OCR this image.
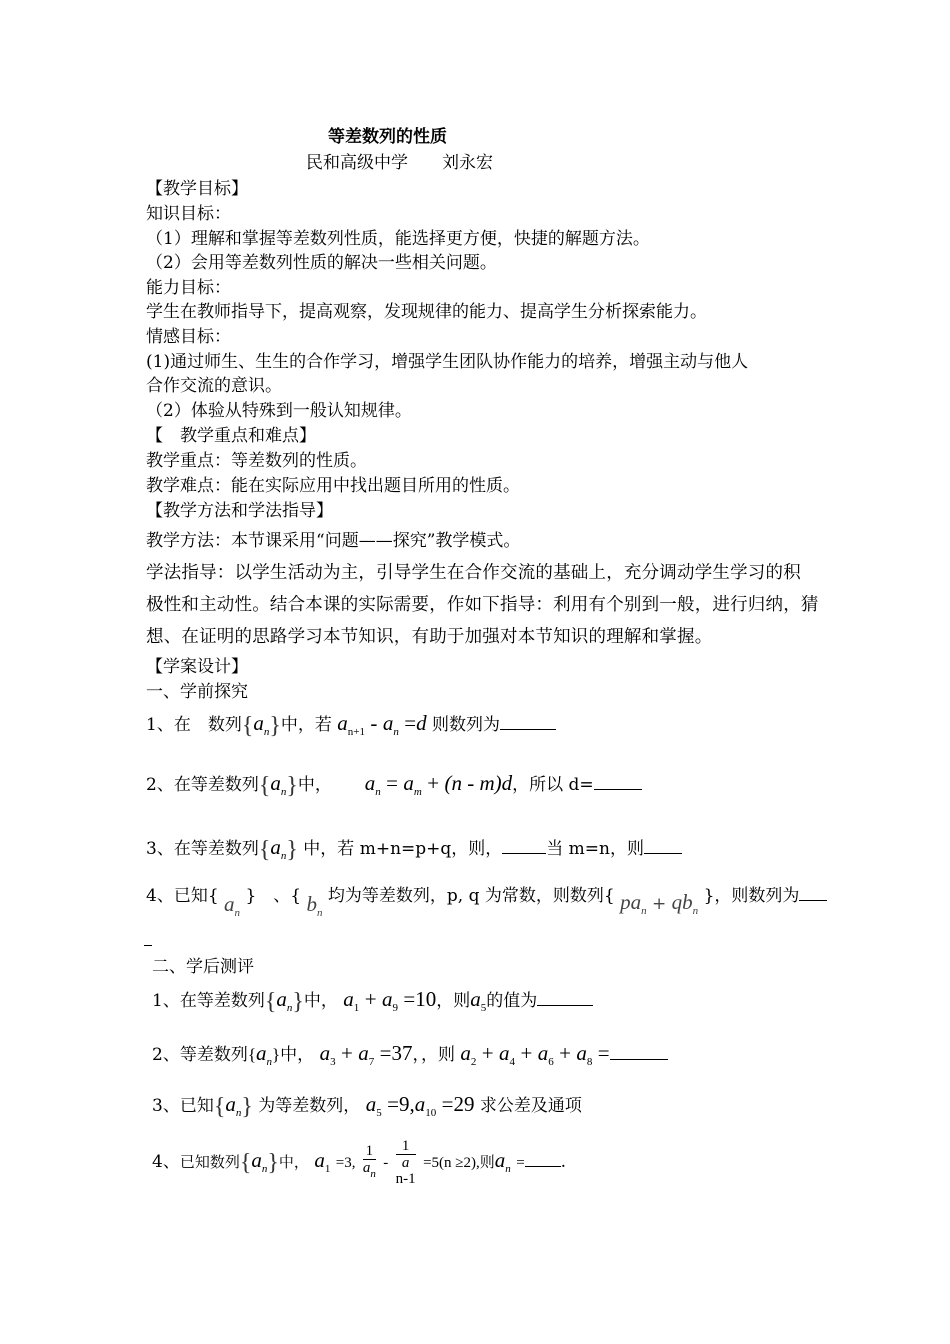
等差数列的性质
民和高级中学　　刘永宏
【教学目标】
知识目标：
（1）理解和掌握等差数列性质，能选择更方便，快捷的解题方法。
（2）会用等差数列性质的解决一些相关问题。
能力目标：
学生在教师指导下，提高观察，发现规律的能力、提高学生分析探索能力。
情感目标：
(1)通过师生、生生的合作学习，增强学生团队协作能力的培养，增强主动与他人
合作交流的意识。
（2）体验从特殊到一般认知规律。
【　教学重点和难点】
教学重点：等差数列的性质。
教学难点：能在实际应用中找出题目所用的性质。
【教学方法和学法指导】
教学方法：本节课采用“问题——探究”教学模式。
学法指导：以学生活动为主，引导学生在合作交流的基础上，充分调动学生学习的积
极性和主动性。结合本课的实际需要，作如下指导：利用有个别到一般，进行归纳，猜
想、在证明的思路学习本节知识，有助于加强对本节知识的理解和掌握。
【学案设计】
一、学前探究
1、在　数列$\{a_n\}$中，若 $a_{n+1} - a_n =d$ 则数列为
2、在等差数列$\{a_n\}$中， $a_n = a_m + (n - m)d$，所以 d=
3、在等差数列$\{a_n\}$ 中，若 m+n=p+q，则，	当 m=n，则
4、已知{ $a_n$ }　、{ $b_n$ 均为等差数列，p, q 为常数，则数列{ $pa_n + qb_n$ }，则数列为
二、学后测评
1、在等差数列$\{a_n\}$中， $a_1 + a_9 =10$，则$a_5$的值为
2、等差数列$\{a_n\}$中， $a_3 + a_7 =37$，，则 $a_2 + a_4 + a_6 + a_8$ =
3、已知$\{a_n\}$ 为等差数列， $a_5 =9,a_{10} =29$ 求公差及通项
4、已知数列$\{a_n\}$中， $a_1 =3$, $\frac{1}{a_n} - 1$
a
n-1 =5(n ≥2),则$a_n$ = .
